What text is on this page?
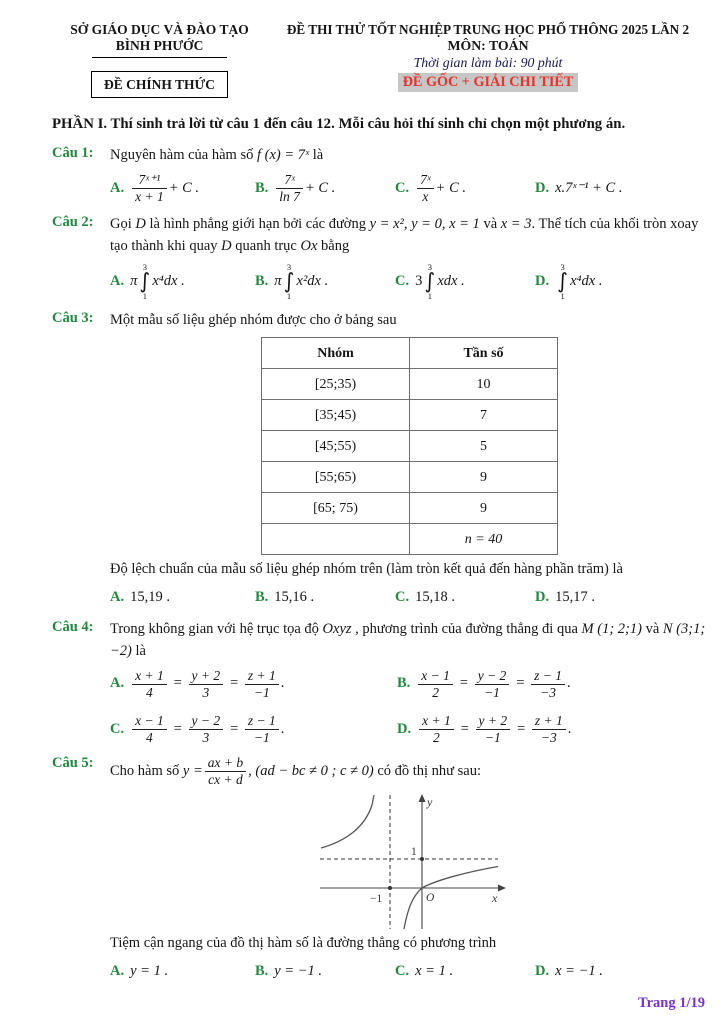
SỞ GIÁO DỤC VÀ ĐÀO TẠO
BÌNH PHƯỚC
ĐỀ CHÍNH THỨC
ĐỀ THI THỬ TỐT NGHIỆP TRUNG HỌC PHỔ THÔNG 2025 LẦN 2
MÔN: TOÁN
Thời gian làm bài: 90 phút
ĐỀ GỐC + GIẢI CHI TIẾT
PHẦN I. Thí sinh trả lời từ câu 1 đến câu 12. Mỗi câu hỏi thí sinh chỉ chọn một phương án.
Câu 1:	Nguyên hàm của hàm số f (x) = 7ˣ là
A. $\frac{\text{7ˣ⁺¹}}{x + 1} + C$ .	B. $\frac{\text{7ˣ}}{\ln 7} + C$ .	C. $\frac{\text{7ˣ}}{x} + C$ .	D. x.7ˣ⁻¹ + C .
Câu 2:	Gọi D là hình phẳng giới hạn bởi các đường y = x², y = 0, x = 1 và x = 3. Thể tích của khối tròn xoay tạo thành khi quay D quanh trục Ox bằng
A. π
3
∫
1
x⁴dx .	B. π
3
∫
1
x²dx .	C. 3
3
∫
1
xdx .	D.
3
∫
1
x⁴dx .
Câu 3:	Một mẫu số liệu ghép nhóm được cho ở bảng sau
Nhóm	Tần số
[25;35)	10
[35;45)	7
[45;55)	5
[55;65)	9
[65; 75)	9
	n = 40
Độ lệch chuẩn của mẫu số liệu ghép nhóm trên (làm tròn kết quả đến hàng phần trăm) là
A. 15,19 .	B. 15,16 .	C. 15,18 .	D. 15,17 .
Câu 4:	Trong không gian với hệ trục tọa độ Oxyz , phương trình của đường thẳng đi qua M (1; 2;1) và N (3;1; −2) là
A. $\frac{x + 1}{4} = \frac{y + 2}{3} = \frac{z + 1}{-1}$ .	B. $\frac{x - 1}{2} = \frac{y - 2}{-1} = \frac{z - 1}{-3}$ .
C. $\frac{x - 1}{4} = \frac{y - 2}{3} = \frac{z - 1}{-1}$ .	D. $\frac{x + 1}{2} = \frac{y + 2}{-1} = \frac{z + 1}{-3}$ .
Câu 5:
Cho hàm số $y = \frac{ax + b}{cx + d}$ , (ad − bc ≠ 0 ; c ≠ 0) có đồ thị như sau:
y
x
O
1
−1
Tiệm cận ngang của đồ thị hàm số là đường thẳng có phương trình
A. y = 1 .	B. y = −1 .	C. x = 1 .	D. x = −1 .
Trang 1/19
